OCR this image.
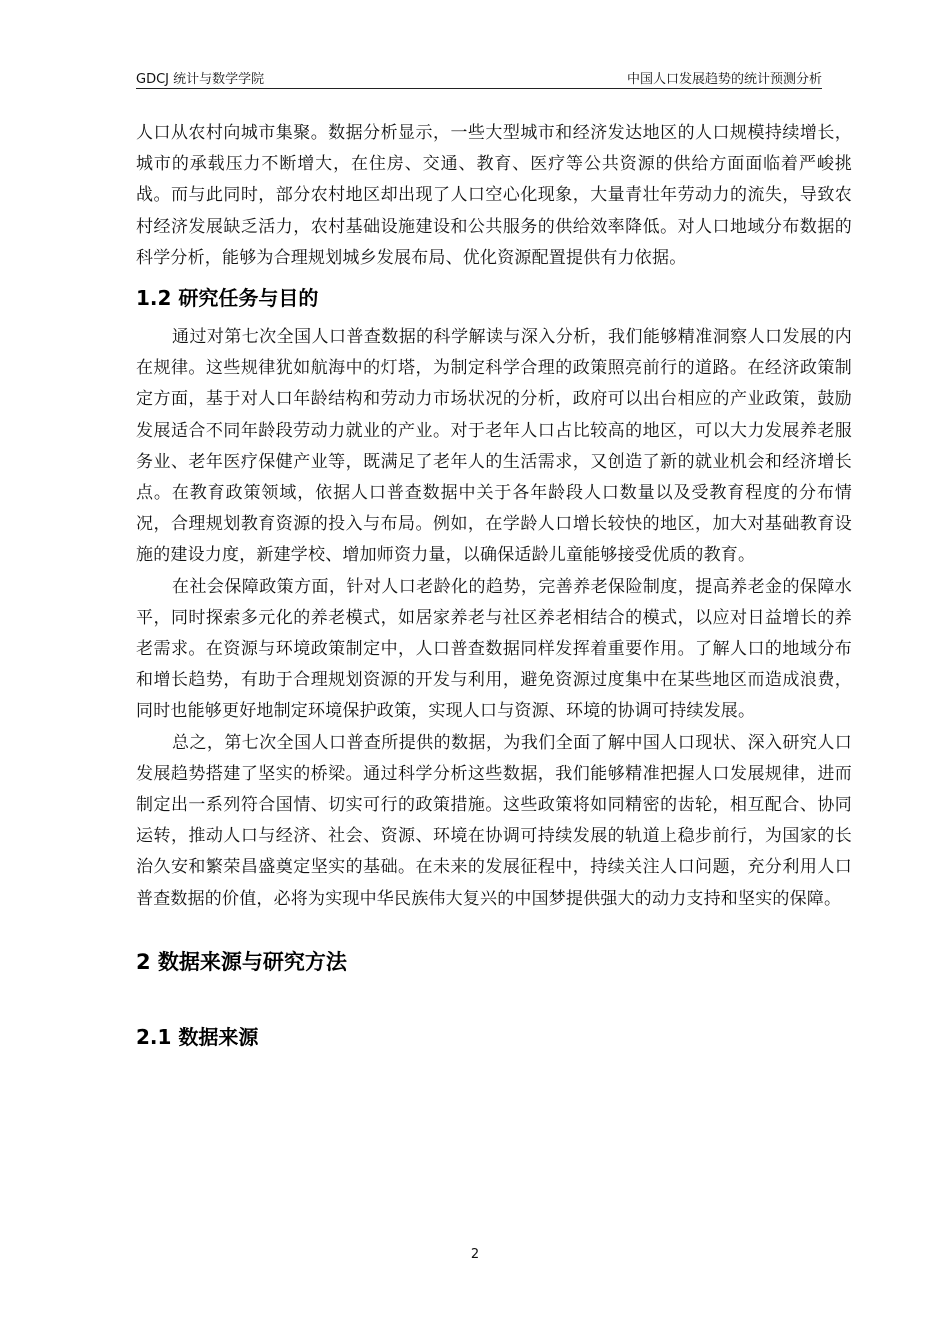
GDCJ 统计与数学学院	中国人口发展趋势的统计预测分析

人口从农村向城市集聚。数据分析显示，一些大型城市和经济发达地区的人口规模持续增长，城市的承载压力不断增大，在住房、交通、教育、医疗等公共资源的供给方面面临着严峻挑战。而与此同时，部分农村地区却出现了人口空心化现象，大量青壮年劳动力的流失，导致农村经济发展缺乏活力，农村基础设施建设和公共服务的供给效率降低。对人口地域分布数据的科学分析，能够为合理规划城乡发展布局、优化资源配置提供有力依据。

1.2 研究任务与目的

通过对第七次全国人口普查数据的科学解读与深入分析，我们能够精准洞察人口发展的内在规律。这些规律犹如航海中的灯塔，为制定科学合理的政策照亮前行的道路。在经济政策制定方面，基于对人口年龄结构和劳动力市场状况的分析，政府可以出台相应的产业政策，鼓励发展适合不同年龄段劳动力就业的产业。对于老年人口占比较高的地区，可以大力发展养老服务业、老年医疗保健产业等，既满足了老年人的生活需求，又创造了新的就业机会和经济增长点。在教育政策领域，依据人口普查数据中关于各年龄段人口数量以及受教育程度的分布情况，合理规划教育资源的投入与布局。例如，在学龄人口增长较快的地区，加大对基础教育设施的建设力度，新建学校、增加师资力量，以确保适龄儿童能够接受优质的教育。

在社会保障政策方面，针对人口老龄化的趋势，完善养老保险制度，提高养老金的保障水平，同时探索多元化的养老模式，如居家养老与社区养老相结合的模式，以应对日益增长的养老需求。在资源与环境政策制定中，人口普查数据同样发挥着重要作用。了解人口的地域分布和增长趋势，有助于合理规划资源的开发与利用，避免资源过度集中在某些地区而造成浪费，同时也能够更好地制定环境保护政策，实现人口与资源、环境的协调可持续发展。

总之，第七次全国人口普查所提供的数据，为我们全面了解中国人口现状、深入研究人口发展趋势搭建了坚实的桥梁。通过科学分析这些数据，我们能够精准把握人口发展规律，进而制定出一系列符合国情、切实可行的政策措施。这些政策将如同精密的齿轮，相互配合、协同运转，推动人口与经济、社会、资源、环境在协调可持续发展的轨道上稳步前行，为国家的长治久安和繁荣昌盛奠定坚实的基础。在未来的发展征程中，持续关注人口问题，充分利用人口普查数据的价值，必将为实现中华民族伟大复兴的中国梦提供强大的动力支持和坚实的保障。

2 数据来源与研究方法
2.1 数据来源
2
